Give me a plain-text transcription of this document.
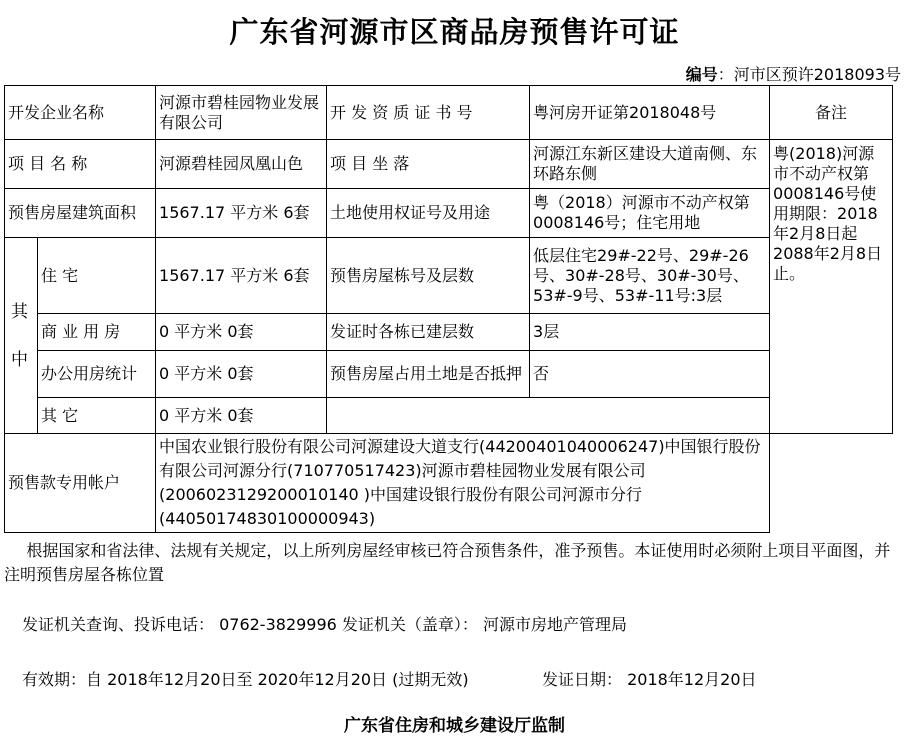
广东省河源市区商品房预售许可证
编号：河市区预许2018093号
开发企业名称		河源市碧桂园物业发展有限公司	开 发 资 质 证 书 号	粤河房开证第2018048号	备注
项 目 名 称		河源碧桂园凤凰山色	项 目 坐 落	河源江东新区建设大道南侧、东环路东侧	粤(2018)河源市不动产权第0008146号使用期限：2018年2月8日起2088年2月8日止。
预售房屋建筑面积		1567.17 平方米 6套	土地使用权证号及用途	粤（2018）河源市不动产权第0008146号；住宅用地	
其中	住 宅	1567.17 平方米 6套	预售房屋栋号及层数	低层住宅29#-22号、29#-26号、30#-28号、30#-30号、53#-9号、53#-11号:3层	
	商 业 用 房	0 平方米 0套	发证时各栋已建层数	3层	
	办公用房统计	0 平方米 0套	预售房屋占用土地是否抵押	否	
	其 它	0 平方米 0套			
预售款专用帐户		中国农业银行股份有限公司河源建设大道支行(44200401040006247)中国银行股份有限公司河源分行(710770517423)河源市碧桂园物业发展有限公司(2006023129200010140 )中国建设银行股份有限公司河源市分行(44050174830100000943)			
根据国家和省法律、法规有关规定，以上所列房屋经审核已符合预售条件，准予预售。本证使用时必须附上项目平面图，并注明预售房屋各栋位置
发证机关查询、投诉电话： 0762-3829996 发证机关（盖章）： 河源市房地产管理局
有效期：自 2018年12月20日至 2020年12月20日 (过期无效)	发证日期： 2018年12月20日
广东省住房和城乡建设厅监制
